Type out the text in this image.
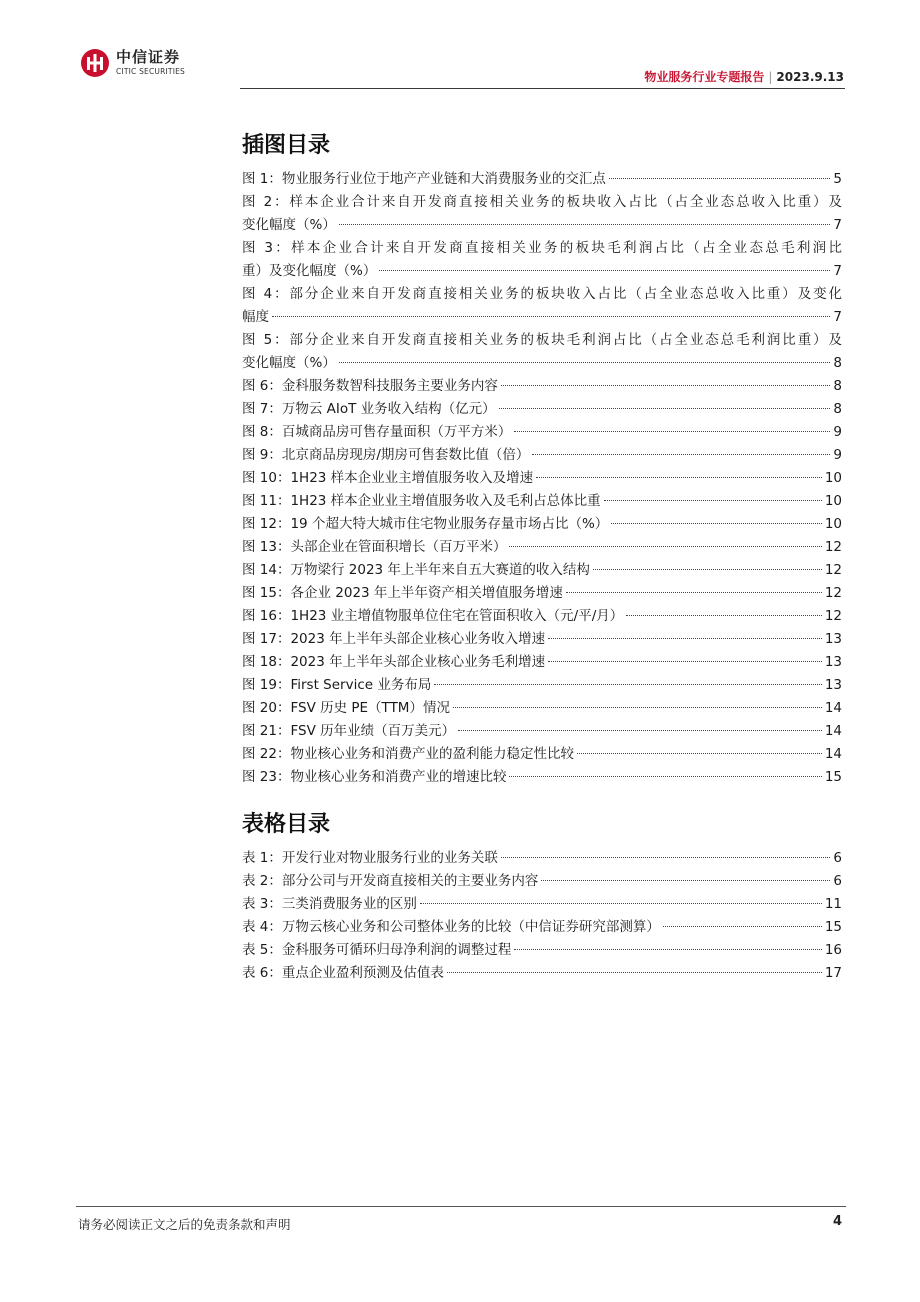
中信证券
CITIC SECURITIES	物业服务行业专题报告 | 2023.9.13
插图目录
图 1：物业服务行业位于地产产业链和大消费服务业的交汇点	5
图 2：样本企业合计来自开发商直接相关业务的板块收入占比（占全业态总收入比重）及
变化幅度（%）	7
图 3：样本企业合计来自开发商直接相关业务的板块毛利润占比（占全业态总毛利润比
重）及变化幅度（%）	7
图 4：部分企业来自开发商直接相关业务的板块收入占比（占全业态总收入比重）及变化
幅度	7
图 5：部分企业来自开发商直接相关业务的板块毛利润占比（占全业态总毛利润比重）及
变化幅度（%）	8
图 6：金科服务数智科技服务主要业务内容	8
图 7：万物云 AIoT 业务收入结构（亿元）	8
图 8：百城商品房可售存量面积（万平方米）	9
图 9：北京商品房现房/期房可售套数比值（倍）	9
图 10：1H23 样本企业业主增值服务收入及增速	10
图 11：1H23 样本企业业主增值服务收入及毛利占总体比重	10
图 12：19 个超大特大城市住宅物业服务存量市场占比（%）	10
图 13：头部企业在管面积增长（百万平米）	12
图 14：万物梁行 2023 年上半年来自五大赛道的收入结构	12
图 15：各企业 2023 年上半年资产相关增值服务增速	12
图 16：1H23 业主增值物服单位住宅在管面积收入（元/平/月）	12
图 17：2023 年上半年头部企业核心业务收入增速	13
图 18：2023 年上半年头部企业核心业务毛利增速	13
图 19：First Service 业务布局	13
图 20：FSV 历史 PE（TTM）情况	14
图 21：FSV 历年业绩（百万美元）	14
图 22：物业核心业务和消费产业的盈利能力稳定性比较	14
图 23：物业核心业务和消费产业的增速比较	15
表格目录
表 1：开发行业对物业服务行业的业务关联	6
表 2：部分公司与开发商直接相关的主要业务内容	6
表 3：三类消费服务业的区别	11
表 4：万物云核心业务和公司整体业务的比较（中信证券研究部测算）	15
表 5：金科服务可循环归母净利润的调整过程	16
表 6：重点企业盈利预测及估值表	17
请务必阅读正文之后的免责条款和声明	4
